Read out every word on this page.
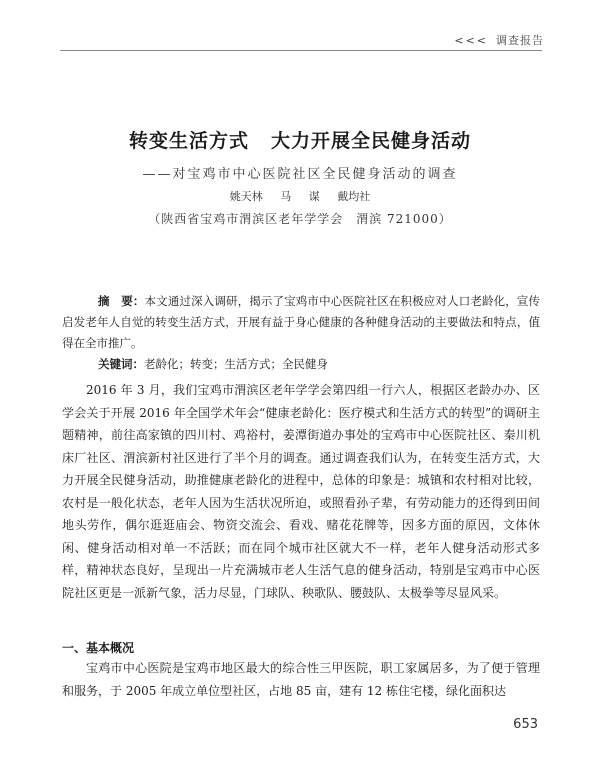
<<< 调查报告
转变生活方式 大力开展全民健身活动
——对宝鸡市中心医院社区全民健身活动的调查
姚天林 马 谋 戴均社
（陕西省宝鸡市渭滨区老年学学会　渭滨 721000）
摘　要：本文通过深入调研，揭示了宝鸡市中心医院社区在积极应对人口老龄化，宣传启发老年人自觉的转变生活方式，开展有益于身心健康的各种健身活动的主要做法和特点，值得在全市推广。
关键词：老龄化；转变；生活方式；全民健身

2016 年 3 月，我们宝鸡市渭滨区老年学学会第四组一行六人，根据区老龄办办、区学会关于开展 2016 年全国学术年会“健康老龄化：医疗模式和生活方式的转型”的调研主题精神，前往高家镇的四川村、鸡裕村，姜潭街道办事处的宝鸡市中心医院社区、秦川机床厂社区、渭滨新村社区进行了半个月的调查。通过调查我们认为，在转变生活方式，大力开展全民健身活动，助推健康老龄化的进程中，总体的印象是：城镇和农村相对比较，农村是一般化状态，老年人因为生活状况所迫，或照看孙子辈，有劳动能力的还得到田间地头劳作，偶尔逛逛庙会、物资交流会、看戏、赌花花牌等，因多方面的原因，文体休闲、健身活动相对单一不活跃；而在同个城市社区就大不一样，老年人健身活动形式多样，精神状态良好，呈现出一片充满城市老人生活气息的健身活动，特别是宝鸡市中心医院社区更是一派新气象，活力尽显，门球队、秧歌队、腰鼓队、太极拳等尽显风采。

一、基本概况

宝鸡市中心医院是宝鸡市地区最大的综合性三甲医院，职工家属居多，为了便于管理和服务，于 2005 年成立单位型社区，占地 85 亩，建有 12 栋住宅楼，绿化面积达

653
